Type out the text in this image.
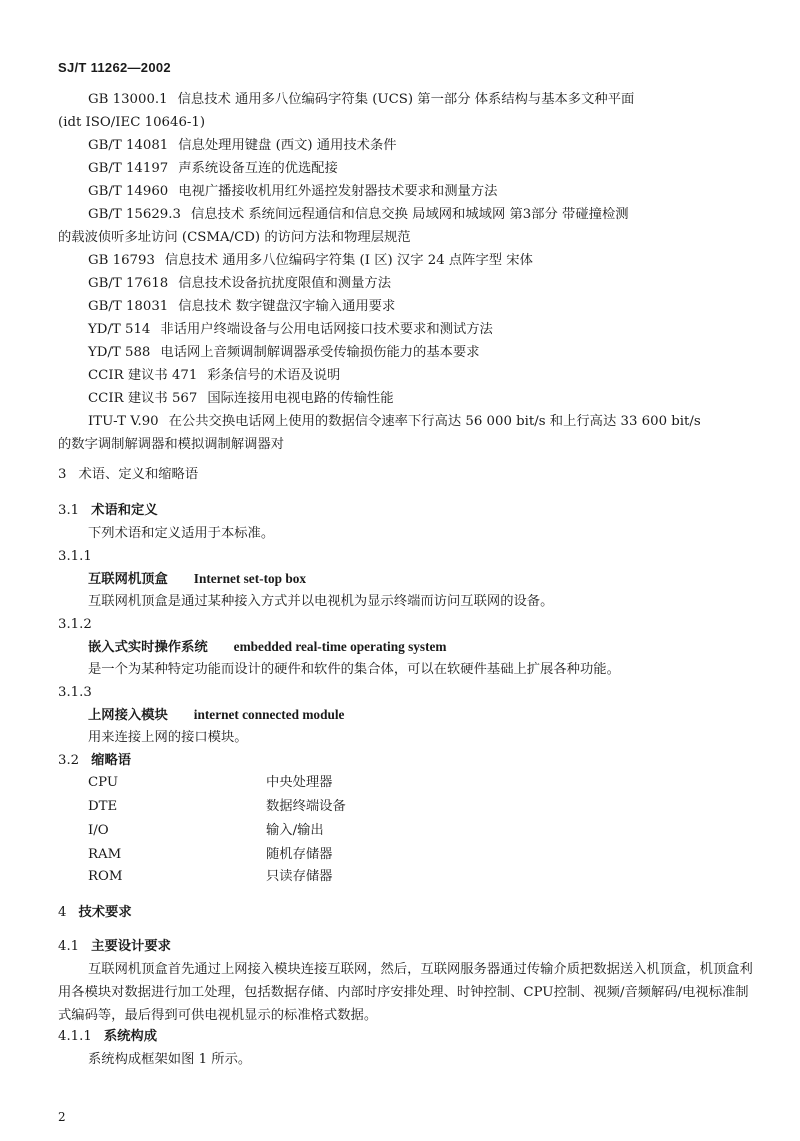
SJ/T 11262—2002

GB 13000.1 信息技术 通用多八位编码字符集 (UCS) 第一部分 体系结构与基本多文种平面

(idt ISO/IEC 10646-1)

GB/T 14081 信息处理用键盘 (西文) 通用技术条件

GB/T 14197 声系统设备互连的优选配接

GB/T 14960 电视广播接收机用红外遥控发射器技术要求和测量方法

GB/T 15629.3 信息技术 系统间远程通信和信息交换 局域网和城域网 第3部分 带碰撞检测

的载波侦听多址访问 (CSMA/CD) 的访问方法和物理层规范

GB 16793 信息技术 通用多八位编码字符集 (I 区) 汉字 24 点阵字型 宋体

GB/T 17618 信息技术设备抗扰度限值和测量方法

GB/T 18031 信息技术 数字键盘汉字输入通用要求

YD/T 514 非话用户终端设备与公用电话网接口技术要求和测试方法

YD/T 588 电话网上音频调制解调器承受传输损伤能力的基本要求

CCIR 建议书 471 彩条信号的术语及说明

CCIR 建议书 567 国际连接用电视电路的传输性能

ITU-T V.90 在公共交换电话网上使用的数据信令速率下行高达 56 000 bit/s 和上行高达 33 600 bit/s

的数字调制解调器和模拟调制解调器对

3 术语、定义和缩略语
3.1 术语和定义
下列术语和定义适用于本标准。
3.1.1
互联网机顶盒 Internet set-top box
互联网机顶盒是通过某种接入方式并以电视机为显示终端而访问互联网的设备。
3.1.2
嵌入式实时操作系统 embedded real-time operating system
是一个为某种特定功能而设计的硬件和软件的集合体，可以在软硬件基础上扩展各种功能。
3.1.3
上网接入模块 internet connected module
用来连接上网的接口模块。
3.2 缩略语
CPU	中央处理器
DTE	数据终端设备
I/O	输入/输出
RAM	随机存储器
ROM	只读存储器
4 技术要求
4.1 主要设计要求
互联网机顶盒首先通过上网接入模块连接互联网，然后，互联网服务器通过传输介质把数据送入机顶盒，机顶盒利用各模块对数据进行加工处理，包括数据存储、内部时序安排处理、时钟控制、CPU控制、视频/音频解码/电视标准制式编码等，最后得到可供电视机显示的标准格式数据。
4.1.1 系统构成
系统构成框架如图 1 所示。
2
